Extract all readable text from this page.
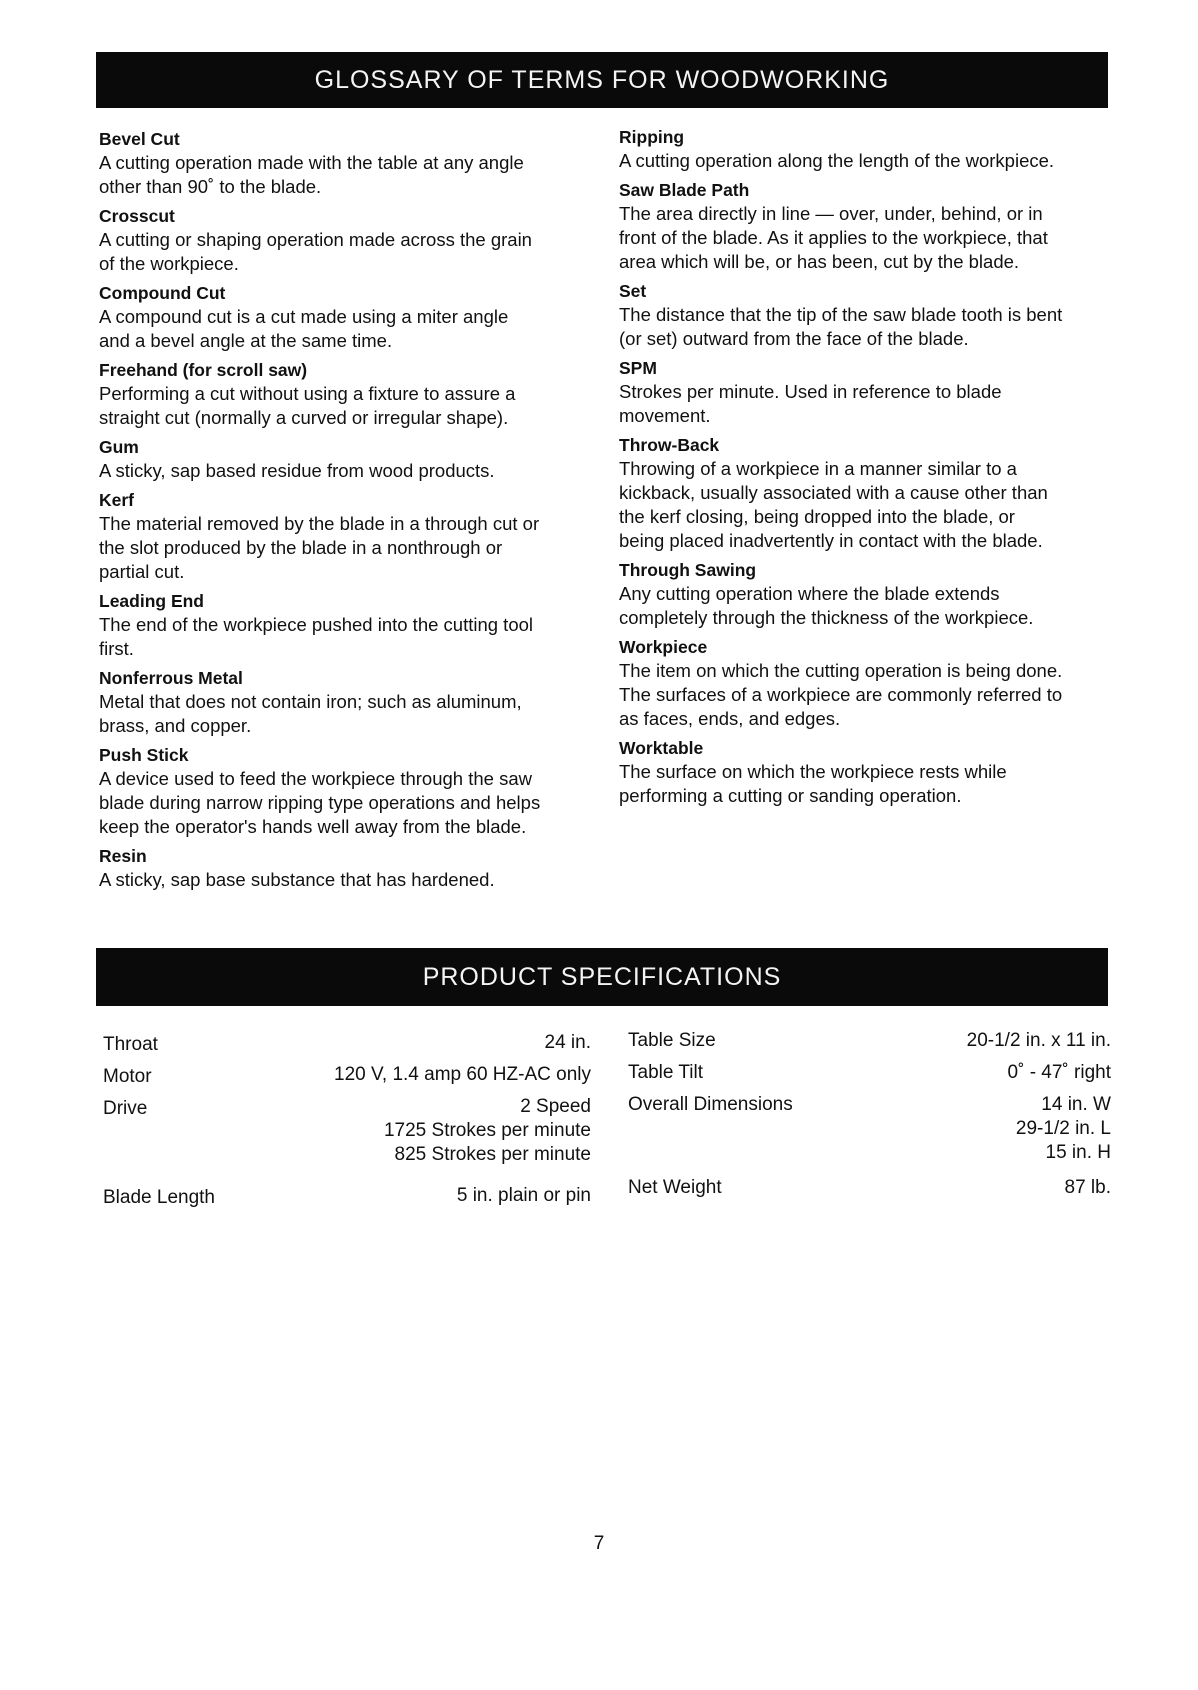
GLOSSARY OF TERMS FOR WOODWORKING
Bevel Cut
A cutting operation made with the table at any angle
other than 90˚ to the blade.
Crosscut
A cutting or shaping operation made across the grain
of the workpiece.
Compound Cut
A compound cut is a cut made using a miter angle
and a bevel angle at the same time.
Freehand (for scroll saw)
Performing a cut without using a fixture to assure a
straight cut (normally a curved or irregular shape).
Gum
A sticky, sap based residue from wood products.
Kerf
The material removed by the blade in a through cut or
the slot produced by the blade in a nonthrough or
partial cut.
Leading End
The end of the workpiece pushed into the cutting tool
first.
Nonferrous Metal
Metal that does not contain iron; such as aluminum,
brass, and copper.
Push Stick
A device used to feed the workpiece through the saw
blade during narrow ripping type operations and helps
keep the operator's hands well away from the blade.
Resin
A sticky, sap base substance that has hardened.
Ripping
A cutting operation along the length of the workpiece.
Saw Blade Path
The area directly in line — over, under, behind, or in
front of the blade. As it applies to the workpiece, that
area which will be, or has been, cut by the blade.
Set
The distance that the tip of the saw blade tooth is bent
(or set) outward from the face of the blade.
SPM
Strokes per minute. Used in reference to blade
movement.
Throw-Back
Throwing of a workpiece in a manner similar to a
kickback, usually associated with a cause other than
the kerf closing, being dropped into the blade, or
being placed inadvertently in contact with the blade.
Through Sawing
Any cutting operation where the blade extends
completely through the thickness of the workpiece.
Workpiece
The item on which the cutting operation is being done.
The surfaces of a workpiece are commonly referred to
as faces, ends, and edges.
Worktable
The surface on which the workpiece rests while
performing a cutting or sanding operation.
PRODUCT SPECIFICATIONS
Throat	24 in.
Motor	120 V, 1.4 amp 60 HZ-AC only
Drive	2 Speed
1725 Strokes per minute
825 Strokes per minute
Blade Length	5 in. plain or pin
Table Size	20-1/2 in. x 11 in.
Table Tilt	0˚ - 47˚ right
Overall Dimensions	14 in. W
29-1/2 in. L
15 in. H
Net Weight	87 lb.
7
